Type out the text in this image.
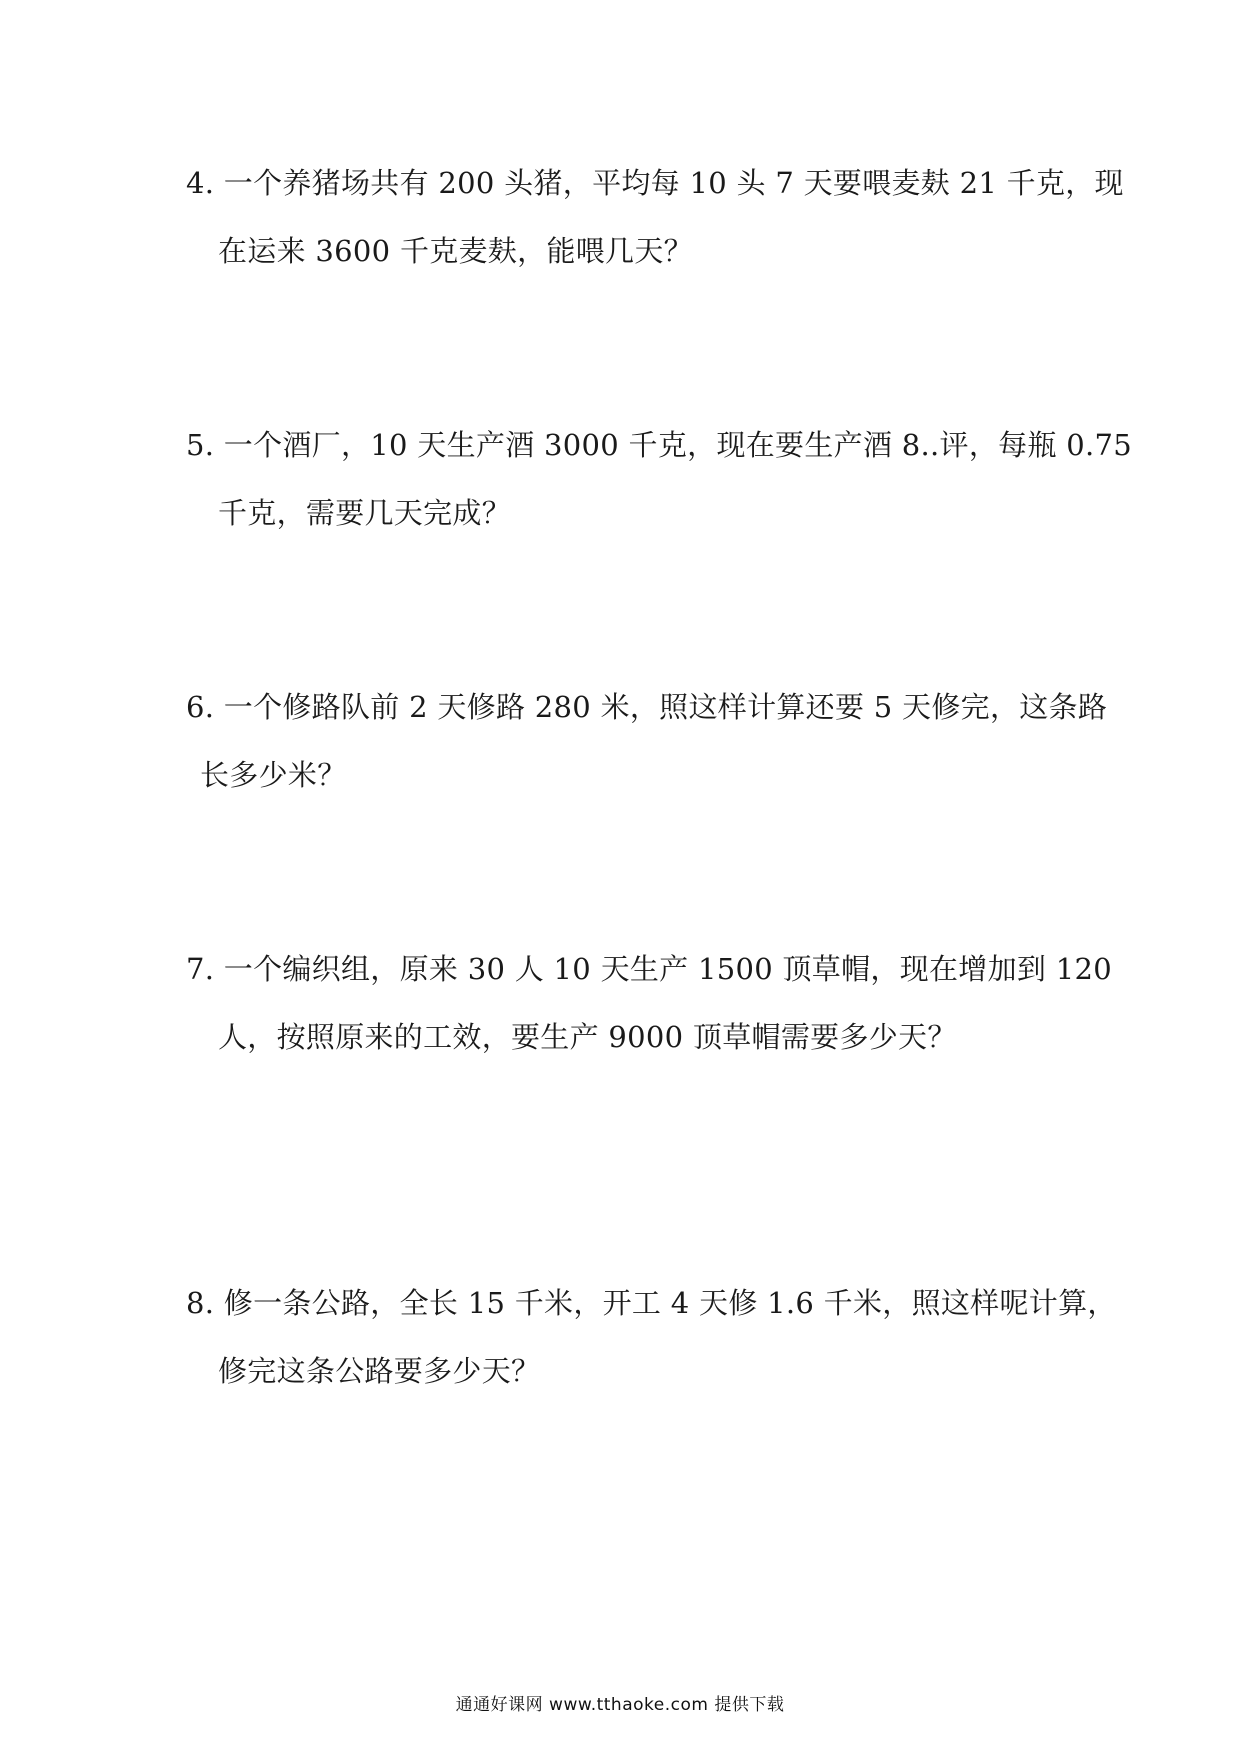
4. 一个养猪场共有 200 头猪，平均每 10 头 7 天要喂麦麸 21 千克，现
在运来 3600 千克麦麸，能喂几天？
5. 一个酒厂，10 天生产酒 3000 千克，现在要生产酒 8..评，每瓶 0.75
千克，需要几天完成？
6. 一个修路队前 2 天修路 280 米，照这样计算还要 5 天修完，这条路
长多少米？
7. 一个编织组，原来 30 人 10 天生产 1500 顶草帽，现在增加到 120
人，按照原来的工效，要生产 9000 顶草帽需要多少天？
8. 修一条公路，全长 15 千米，开工 4 天修 1.6 千米，照这样呢计算，
修完这条公路要多少天？
通通好课网 www.tthaoke.com 提供下载
